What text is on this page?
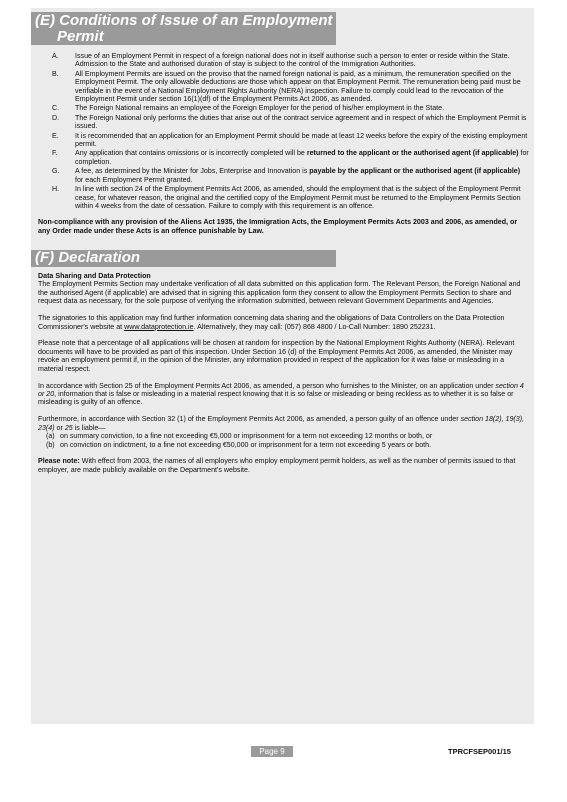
(E) Conditions of Issue of an Employment
Permit
A. Issue of an Employment Permit in respect of a foreign national does not in itself authorise such a person to enter or reside within the State. Admission to the State and authorised duration of stay is subject to the control of the Immigration Authorities.
B. All Employment Permits are issued on the proviso that the named foreign national is paid, as a minimum, the remuneration specified on the Employment Permit. The only allowable deductions are those which appear on that Employment Permit. The remuneration being paid must be verifiable in the event of a National Employment Rights Authority (NERA) inspection. Failure to comply could lead to the revocation of the Employment Permit under section 16(1)(df) of the Employment Permits Act 2006, as amended.
C. The Foreign National remains an employee of the Foreign Employer for the period of his/her employment in the State.
D. The Foreign National only performs the duties that arise out of the contract service agreement and in respect of which the Employment Permit is issued.
E. It is recommended that an application for an Employment Permit should be made at least 12 weeks before the expiry of the existing employment permit.
F. Any application that contains omissions or is incorrectly completed will be returned to the applicant or the authorised agent (if applicable) for completion.
G. A fee, as determined by the Minister for Jobs, Enterprise and Innovation is payable by the applicant or the authorised agent (if applicable) for each Employment Permit granted.
H. In line with section 24 of the Employment Permits Act 2006, as amended, should the employment that is the subject of the Employment Permit cease, for whatever reason, the original and the certified copy of the Employment Permit must be returned to the Employment Permits Section within 4 weeks from the date of cessation. Failure to comply with this requirement is an offence.
Non-compliance with any provision of the Aliens Act 1935, the Immigration Acts, the Employment Permits Acts 2003 and 2006, as amended, or any Order made under these Acts is an offence punishable by Law.
(F) Declaration

Data Sharing and Data Protection

The Employment Permits Section may undertake verification of all data submitted on this application form. The Relevant Person, the Foreign National and the authorised Agent (if applicable) are advised that in signing this application form they consent to allow the Employment Permits Section to share and request data as necessary, for the sole purpose of verifying the information submitted, between relevant Government Departments and Agencies.

The signatories to this application may find further information concerning data sharing and the obligations of Data Controllers on the Data Protection Commissioner's website at www.dataprotection.ie. Alternatively, they may call: (057) 868 4800 / Lo-Call Number: 1890 252231.

Please note that a percentage of all applications will be chosen at random for inspection by the National Employment Rights Authority (NERA). Relevant documents will have to be provided as part of this inspection. Under Section 16 (d) of the Employment Permits Act 2006, as amended, the Minister may revoke an employment permit if, in the opinion of the Minister, any information provided in respect of the application for it was false or misleading in a material respect.

In accordance with Section 25 of the Employment Permits Act 2006, as amended, a person who furnishes to the Minister, on an application under section 4 or 20, information that is false or misleading in a material respect knowing that it is so false or misleading or being reckless as to whether it is so false or misleading is guilty of an offence.

Furthermore, in accordance with Section 32 (1) of the Employment Permits Act 2006, as amended, a person guilty of an offence under section 18(2), 19(3), 23(4) or 25 is liable—

(a) on summary conviction, to a fine not exceeding €5,000 or imprisonment for a term not exceeding 12 months or both, or
(b) on conviction on indictment, to a fine not exceeding €50,000 or imprisonment for a term not exceeding 5 years or both.

Please note: With effect from 2003, the names of all employers who employ employment permit holders, as well as the number of permits issued to that employer, are made publicly available on the Department's website.

Page 9	TPRCFSEP001/15
